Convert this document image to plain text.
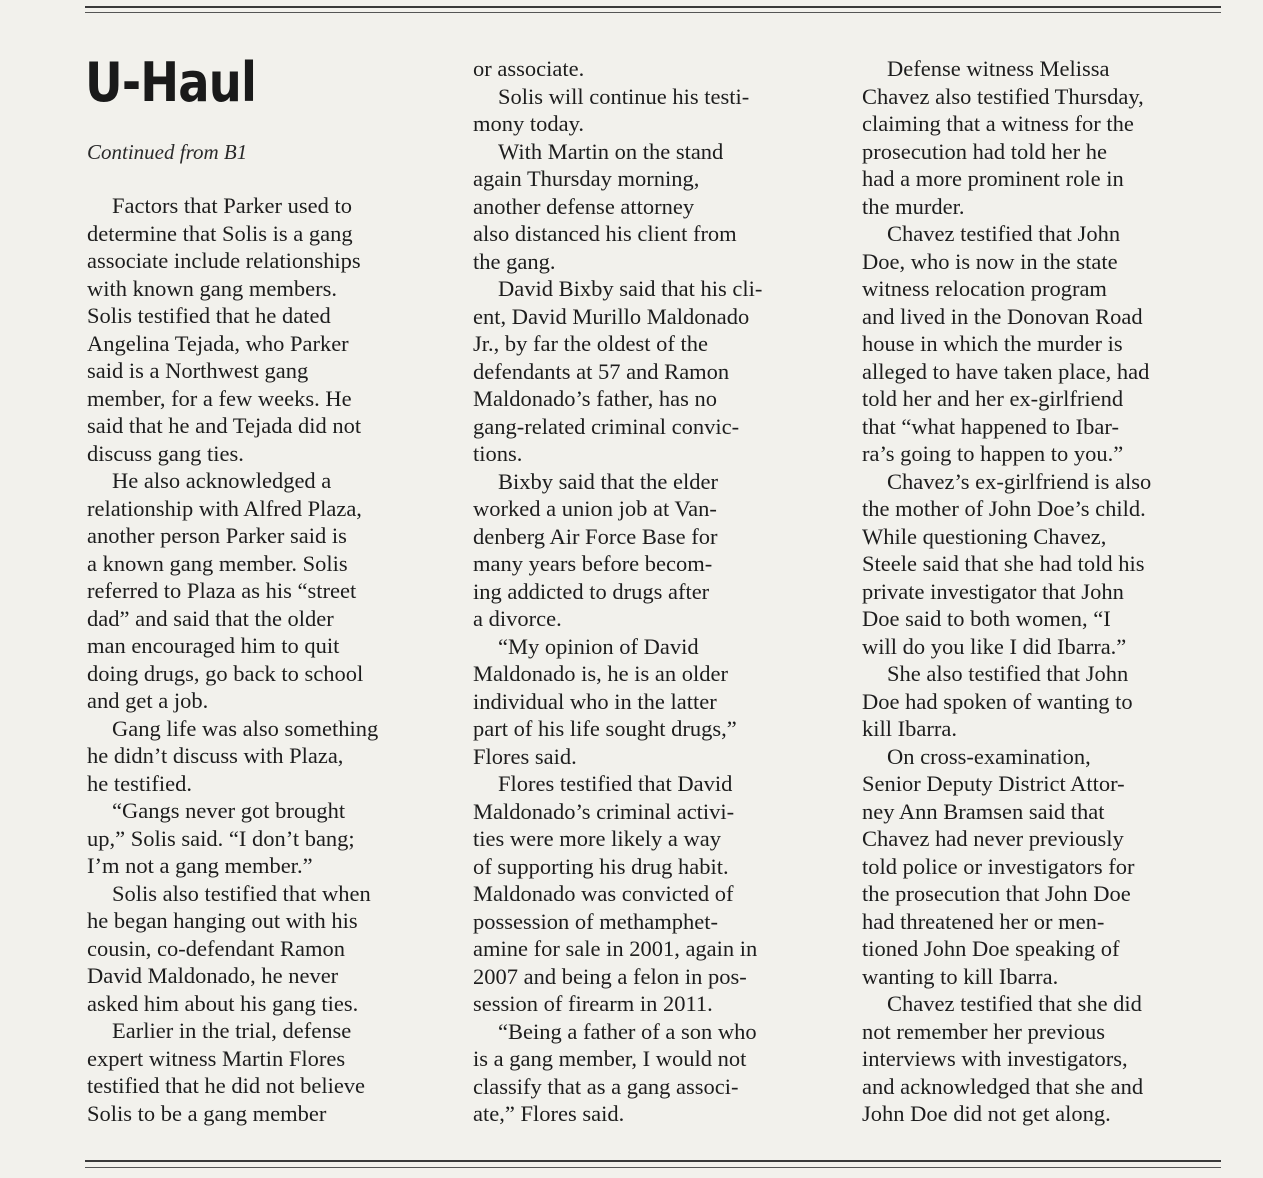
U-Haul
Continued from B1
Factors that Parker used to
determine that Solis is a gang
associate include relationships
with known gang members.
Solis testified that he dated
Angelina Tejada, who Parker
said is a Northwest gang
member, for a few weeks. He
said that he and Tejada did not
discuss gang ties.
He also acknowledged a
relationship with Alfred Plaza,
another person Parker said is
a known gang member. Solis
referred to Plaza as his “street
dad” and said that the older
man encouraged him to quit
doing drugs, go back to school
and get a job.
Gang life was also something
he didn’t discuss with Plaza,
he testified.
“Gangs never got brought
up,” Solis said. “I don’t bang;
I’m not a gang member.”
Solis also testified that when
he began hanging out with his
cousin, co-defendant Ramon
David Maldonado, he never
asked him about his gang ties.
Earlier in the trial, defense
expert witness Martin Flores
testified that he did not believe
Solis to be a gang member
or associate.
Solis will continue his testi-
mony today.
With Martin on the stand
again Thursday morning,
another defense attorney
also distanced his client from
the gang.
David Bixby said that his cli-
ent, David Murillo Maldonado
Jr., by far the oldest of the
defendants at 57 and Ramon
Maldonado’s father, has no
gang-related criminal convic-
tions.
Bixby said that the elder
worked a union job at Van-
denberg Air Force Base for
many years before becom-
ing addicted to drugs after
a divorce.
“My opinion of David
Maldonado is, he is an older
individual who in the latter
part of his life sought drugs,”
Flores said.
Flores testified that David
Maldonado’s criminal activi-
ties were more likely a way
of supporting his drug habit.
Maldonado was convicted of
possession of methamphet-
amine for sale in 2001, again in
2007 and being a felon in pos-
session of firearm in 2011.
“Being a father of a son who
is a gang member, I would not
classify that as a gang associ-
ate,” Flores said.
Defense witness Melissa
Chavez also testified Thursday,
claiming that a witness for the
prosecution had told her he
had a more prominent role in
the murder.
Chavez testified that John
Doe, who is now in the state
witness relocation program
and lived in the Donovan Road
house in which the murder is
alleged to have taken place, had
told her and her ex-girlfriend
that “what happened to Ibar-
ra’s going to happen to you.”
Chavez’s ex-girlfriend is also
the mother of John Doe’s child.
While questioning Chavez,
Steele said that she had told his
private investigator that John
Doe said to both women, “I
will do you like I did Ibarra.”
She also testified that John
Doe had spoken of wanting to
kill Ibarra.
On cross-examination,
Senior Deputy District Attor-
ney Ann Bramsen said that
Chavez had never previously
told police or investigators for
the prosecution that John Doe
had threatened her or men-
tioned John Doe speaking of
wanting to kill Ibarra.
Chavez testified that she did
not remember her previous
interviews with investigators,
and acknowledged that she and
John Doe did not get along.
